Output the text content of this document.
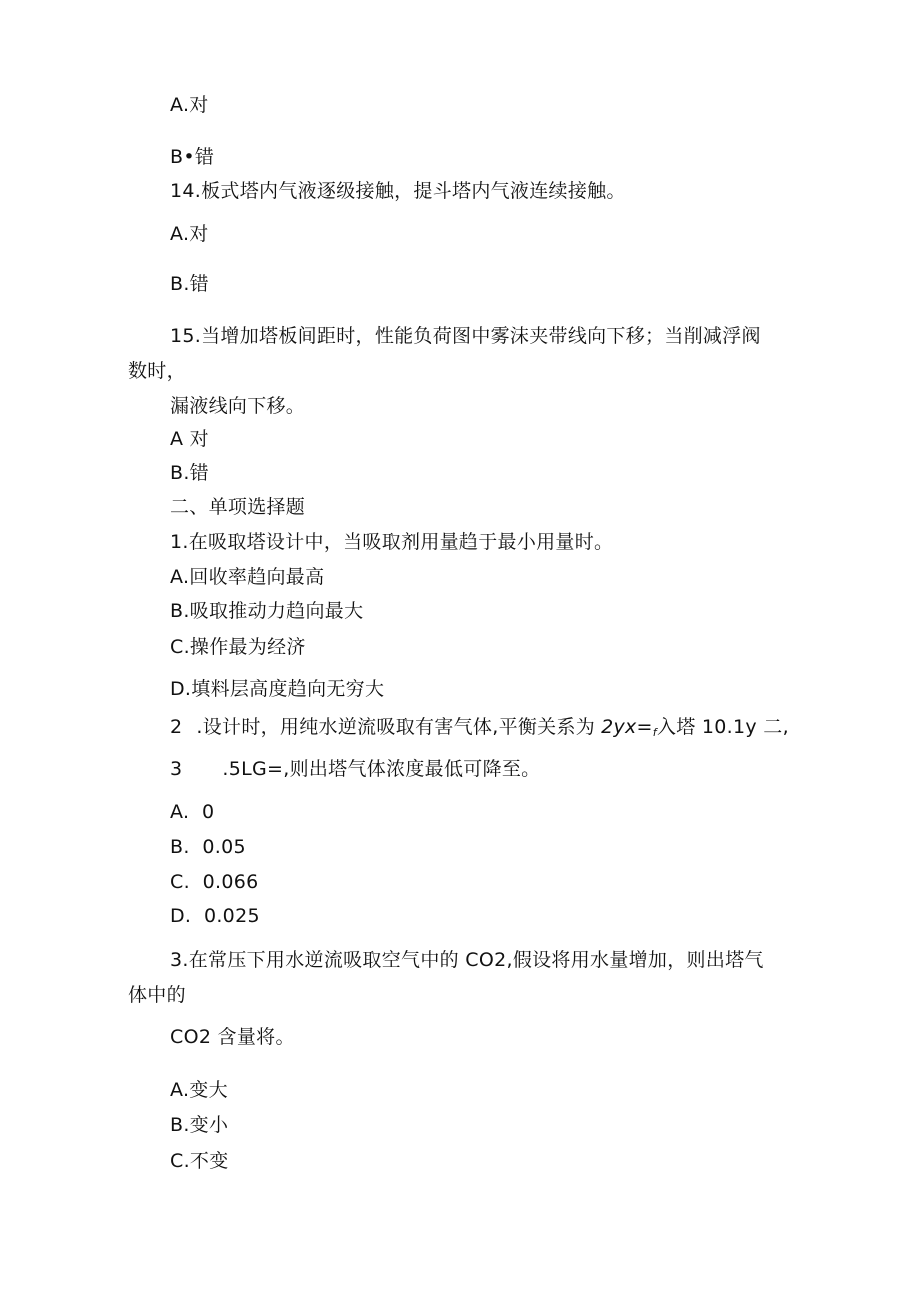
A.对
B•错
14.板式塔内气液逐级接触，提斗塔内气液连续接触。
A.对
B.错
15.当增加塔板间距时，性能负荷图中雾沫夹带线向下移；当削减浮阀
数时，
漏液线向下移。
A 对
B.错
二、单项选择题
1.在吸取塔设计中，当吸取剂用量趋于最小用量时。
A.回收率趋向最高
B.吸取推动力趋向最大
C.操作最为经济
D.填料层高度趋向无穷大
2 .设计时，用纯水逆流吸取有害气体,平衡关系为 $2yx=_f$入塔 10.1y 二,
3 .5LG=,则出塔气体浓度最低可降至。
A.  0
B.  0.05
C.  0.066
D.  0.025
3.在常压下用水逆流吸取空气中的 CO2,假设将用水量增加，则出塔气
体中的
CO2 含量将。
A.变大
B.变小
C.不变
